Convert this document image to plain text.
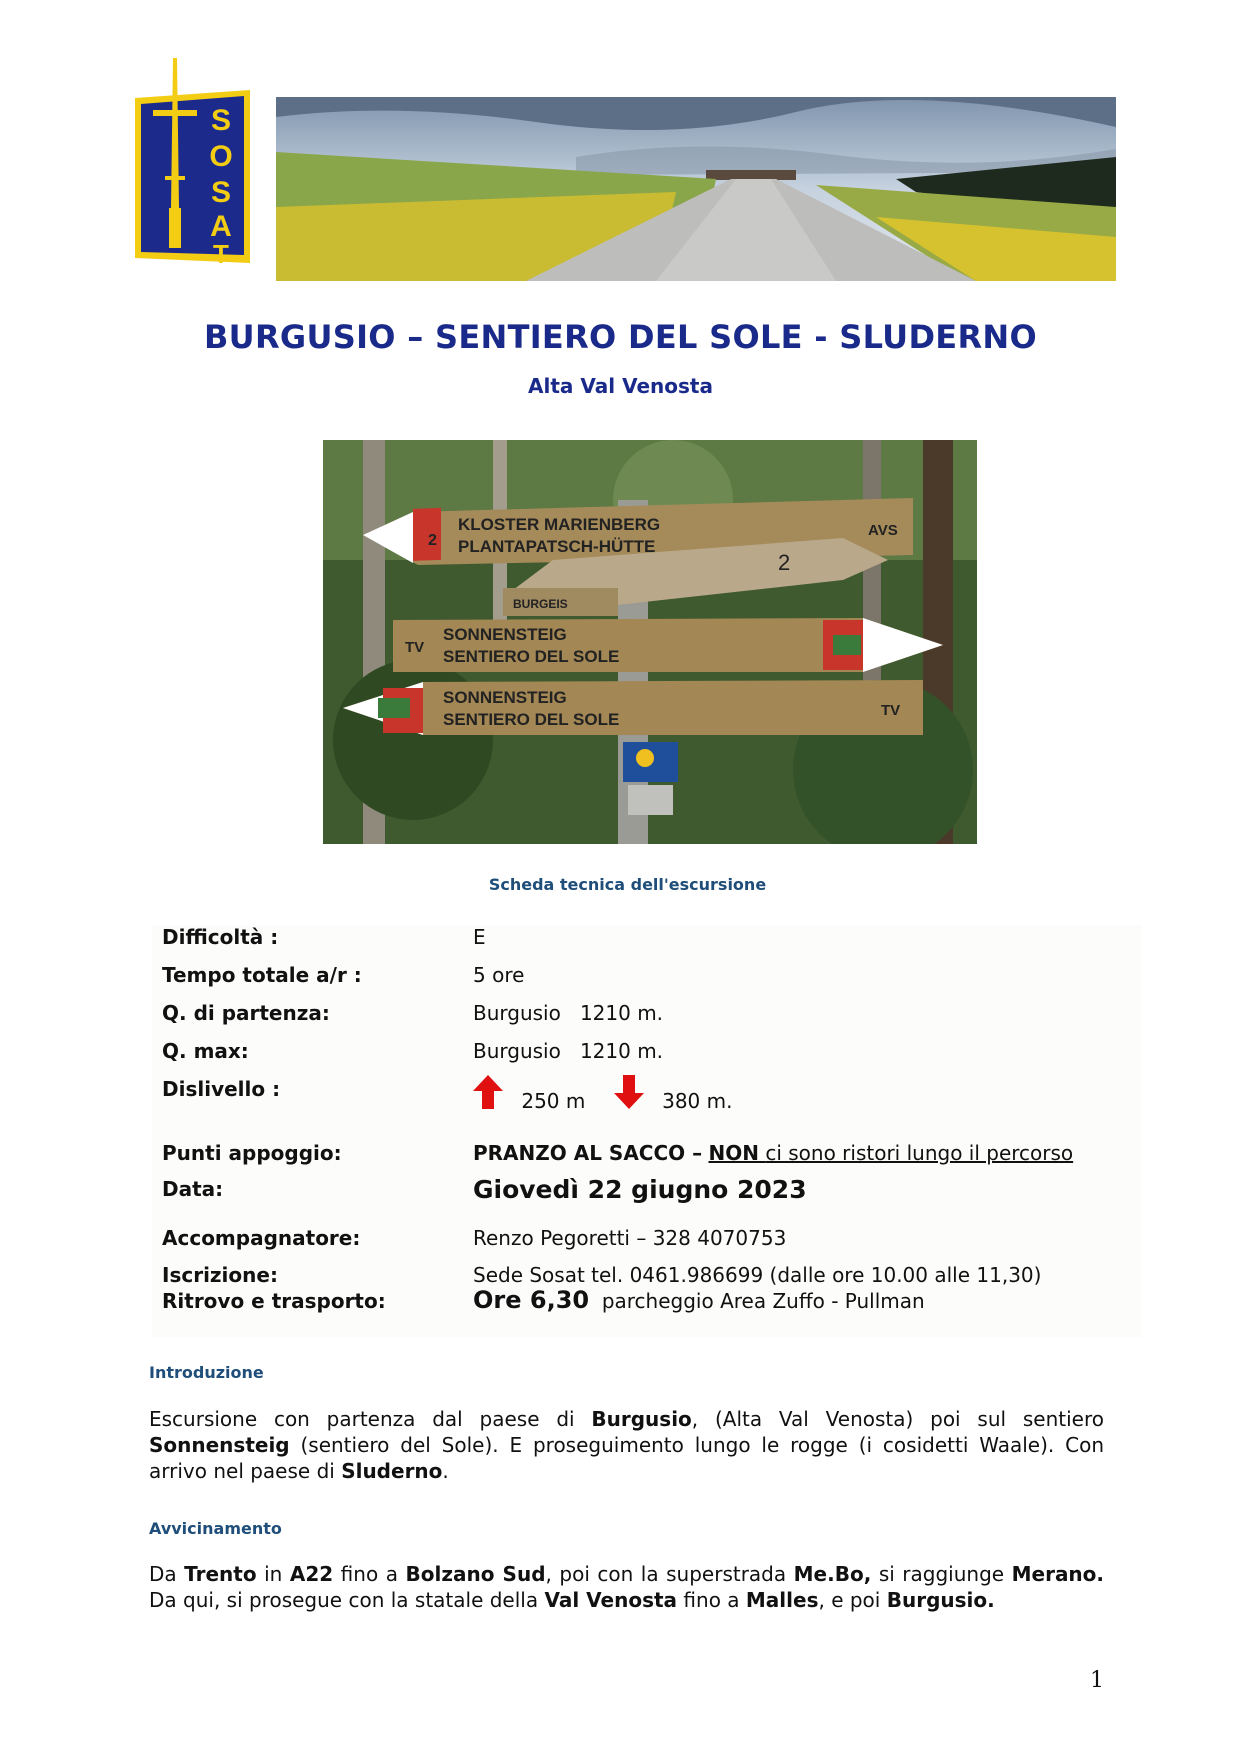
S
O
S
A
T
BURGUSIO – SENTIERO DEL SOLE - SLUDERNO
Alta Val Venosta
KLOSTER MARIENBERG
PLANTAPATSCH-HÜTTE
2
AVS
2
BURGEIS
SONNENSTEIG
SENTIERO DEL SOLE
TV
SONNENSTEIG
SENTIERO DEL SOLE	TV
Scheda tecnica dell'escursione
Difficoltà :	E
Tempo totale a/r :	5 ore
Q. di partenza:	Burgusio 1210 m.
Q. max:	Burgusio 1210 m.
Dislivello :	250 m	380 m.
Punti appoggio:	PRANZO AL SACCO – NON ci sono ristori lungo il percorso
Data:	Giovedì 22 giugno 2023
Accompagnatore:	Renzo Pegoretti – 328 4070753
Iscrizione:	Sede Sosat tel. 0461.986699 (dalle ore 10.00 alle 11,30)
Ritrovo e trasporto:	Ore 6,30 parcheggio Area Zuffo - Pullman
Introduzione
Escursione con partenza dal paese di Burgusio, (Alta Val Venosta) poi sul sentiero Sonnensteig (sentiero del Sole). E proseguimento lungo le rogge (i cosidetti Waale). Con arrivo nel paese di Sluderno.
Avvicinamento
Da Trento in A22 fino a Bolzano Sud, poi con la superstrada Me.Bo, si raggiunge Merano. Da qui, si prosegue con la statale della Val Venosta fino a Malles, e poi Burgusio.
1
